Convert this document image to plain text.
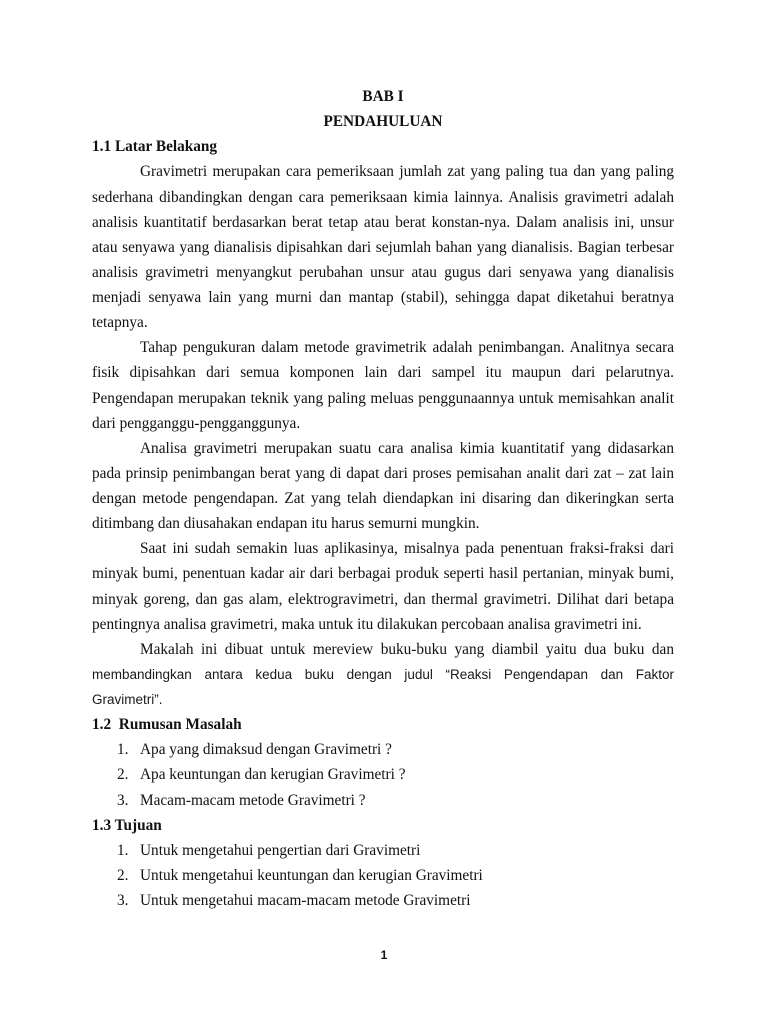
BAB I
PENDAHULUAN
1.1 Latar Belakang
Gravimetri merupakan cara pemeriksaan jumlah zat yang paling tua dan yang paling
sederhana dibandingkan dengan cara pemeriksaan kimia lainnya. Analisis gravimetri adalah
analisis kuantitatif berdasarkan berat tetap atau berat konstan-nya. Dalam analisis ini, unsur
atau senyawa yang dianalisis dipisahkan dari sejumlah bahan yang dianalisis. Bagian terbesar
analisis gravimetri menyangkut perubahan unsur atau gugus dari senyawa yang dianalisis
menjadi senyawa lain yang murni dan mantap (stabil), sehingga dapat diketahui beratnya
tetapnya.
Tahap pengukuran dalam metode gravimetrik adalah penimbangan. Analitnya secara
fisik dipisahkan dari semua komponen lain dari sampel itu maupun dari pelarutnya.
Pengendapan merupakan teknik yang paling meluas penggunaannya untuk memisahkan analit
dari pengganggu-pengganggunya.
Analisa gravimetri merupakan suatu cara analisa kimia kuantitatif yang didasarkan
pada prinsip penimbangan berat yang di dapat dari proses pemisahan analit dari zat – zat lain
dengan metode pengendapan. Zat yang telah diendapkan ini disaring dan dikeringkan serta
ditimbang dan diusahakan endapan itu harus semurni mungkin.
Saat ini sudah semakin luas aplikasinya, misalnya pada penentuan fraksi-fraksi dari
minyak bumi, penentuan kadar air dari berbagai produk seperti hasil pertanian, minyak bumi,
minyak goreng, dan gas alam, elektrogravimetri, dan thermal gravimetri. Dilihat dari betapa
pentingnya analisa gravimetri, maka untuk itu dilakukan percobaan analisa gravimetri ini.
Makalah ini dibuat untuk mereview buku-buku yang diambil yaitu dua buku dan
membandingkan antara kedua buku dengan judul “Reaksi Pengendapan dan Faktor
Gravimetri”.
1.2  Rumusan Masalah
1. Apa yang dimaksud dengan Gravimetri ?
2. Apa keuntungan dan kerugian Gravimetri ?
3. Macam-macam metode Gravimetri ?
1.3 Tujuan
1. Untuk mengetahui pengertian dari Gravimetri
2. Untuk mengetahui keuntungan dan kerugian Gravimetri
3. Untuk mengetahui macam-macam metode Gravimetri
1
